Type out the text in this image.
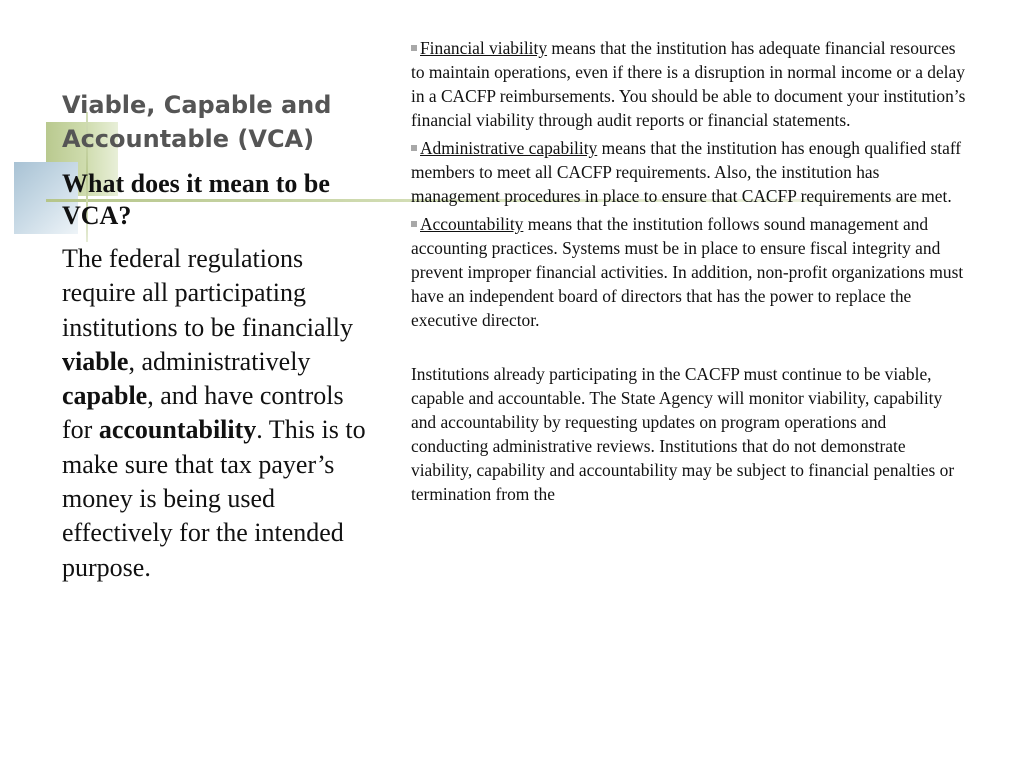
Viable, Capable and Accountable (VCA)
What does it mean to be VCA?

The federal regulations require all participating institutions to be financially viable, administratively capable, and have controls for accountability. This is to make sure that tax payer’s money is being used effectively for the intended purpose.

Financial viability means that the institution has adequate financial resources to maintain operations, even if there is a disruption in normal income or a delay in a CACFP reimbursements. You should be able to document your institution’s financial viability through audit reports or financial statements.

Administrative capability means that the institution has enough qualified staff members to meet all CACFP requirements. Also, the institution has management procedures in place to ensure that CACFP requirements are met.

Accountability means that the institution follows sound management and accounting practices. Systems must be in place to ensure fiscal integrity and prevent improper financial activities. In addition, non-profit organizations must have an independent board of directors that has the power to replace the executive director.

Institutions already participating in the CACFP must continue to be viable, capable and accountable. The State Agency will monitor viability, capability and accountability by requesting updates on program operations and conducting administrative reviews. Institutions that do not demonstrate viability, capability and accountability may be subject to financial penalties or termination from the
